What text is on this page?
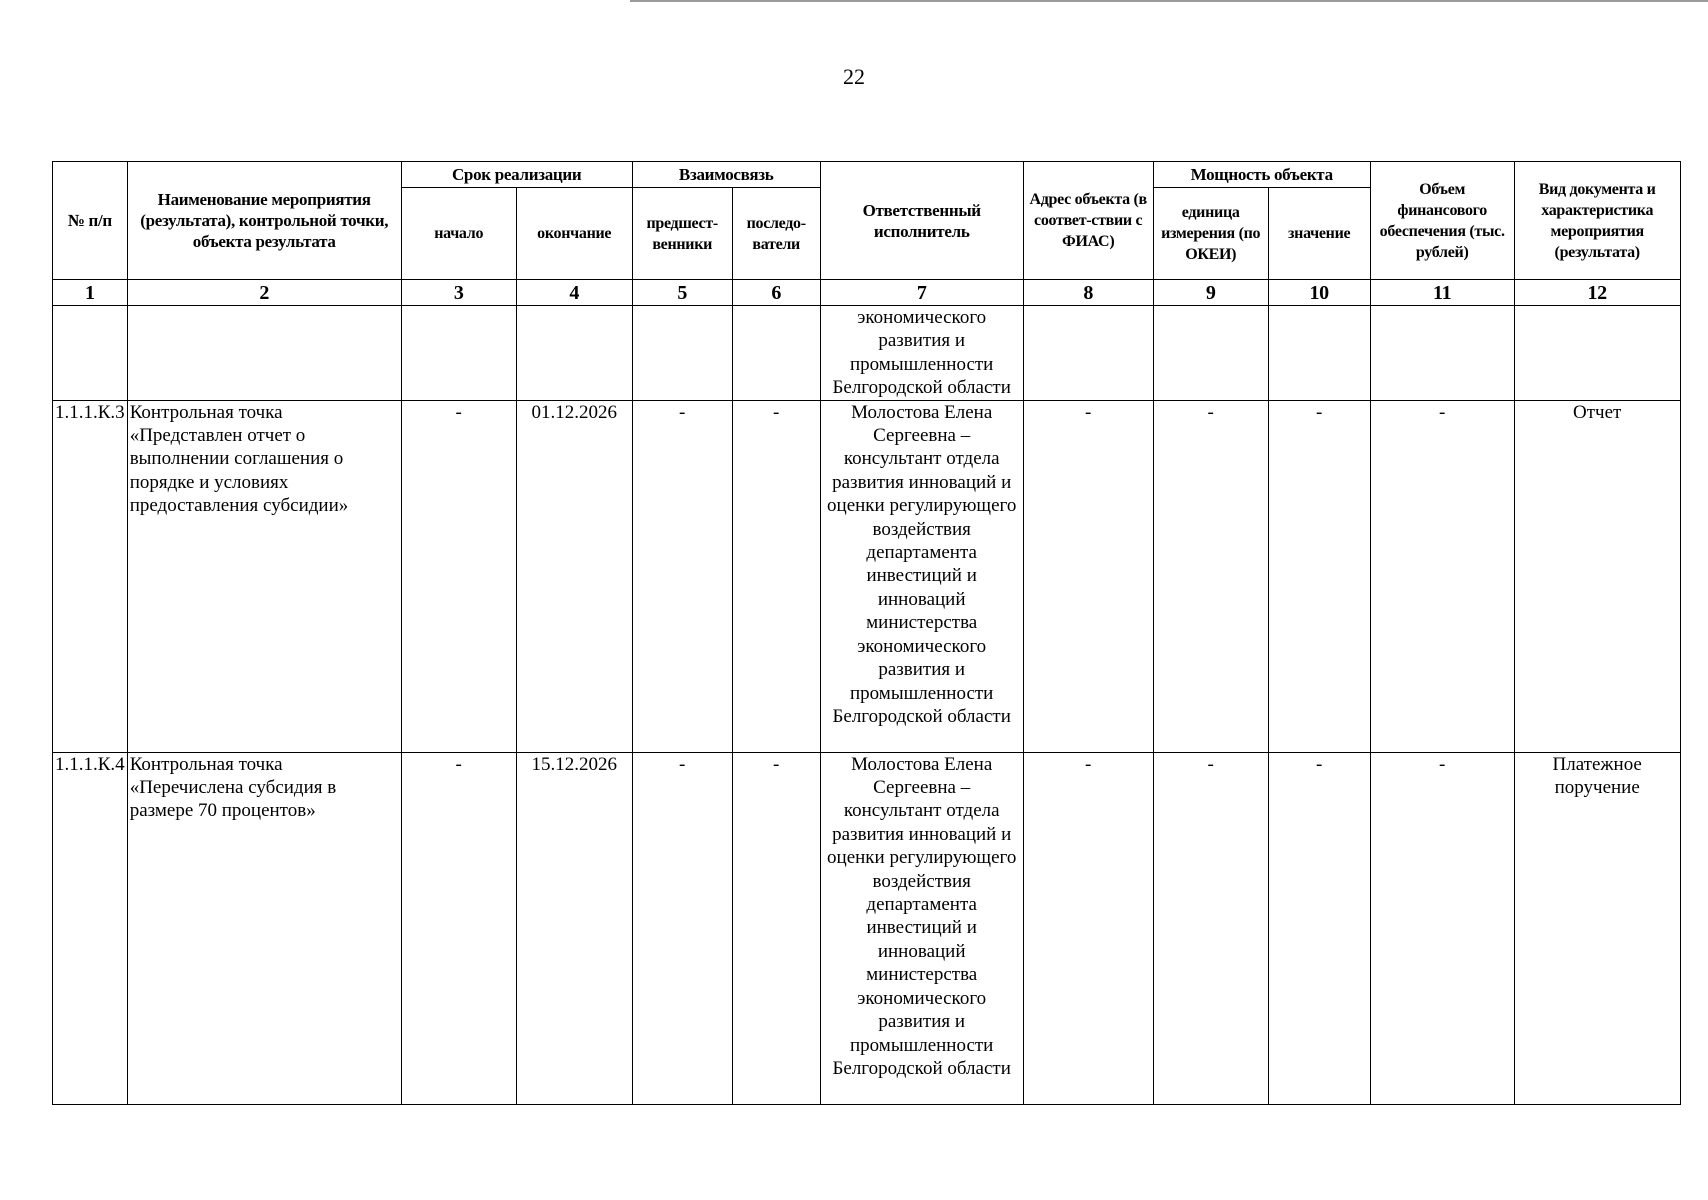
22
№ п/п	Наименование мероприятия (результата), контрольной точки, объекта результата	Срок реализации		Взаимосвязь		Ответственный исполнитель	Адрес объекта (в соответ-ствии с ФИАС)	Мощность объекта		Объем финансового обеспечения (тыс. рублей)	Вид документа и характеристика мероприятия (результата)
		начало	окончание	предшест-венники	последо-ватели			единица измерения (по ОКЕИ)	значение		
1	2	3	4	5	6	7	8	9	10	11	12
						экономического развития и промышленности Белгородской области					
1.1.1.К.3	Контрольная точка «Представлен отчет о выполнении соглашения о порядке и условиях предоставления субсидии»	-	01.12.2026	-	-	Молостова Елена Сергеевна – консультант отдела развития инноваций и оценки регулирующего воздействия департамента инвестиций и инноваций министерства экономического развития и промышленности Белгородской области	-	-	-	-	Отчет
1.1.1.К.4	Контрольная точка «Перечислена субсидия в размере 70 процентов»	-	15.12.2026	-	-	Молостова Елена Сергеевна – консультант отдела развития инноваций и оценки регулирующего воздействия департамента инвестиций и инноваций министерства экономического развития и промышленности Белгородской области	-	-	-	-	Платежное поручение
